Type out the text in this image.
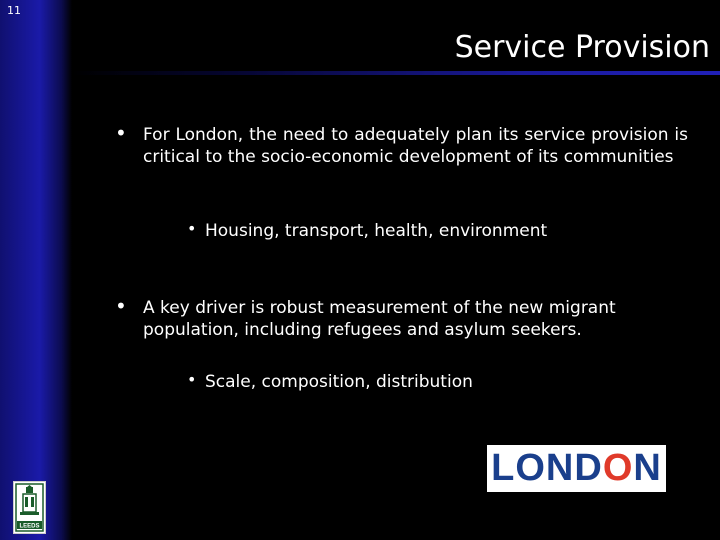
11
Service Provision
• For London, the need to adequately plan its service provision is critical to the socio-economic development of its communities
• Housing, transport, health, environment
• A key driver is robust measurement of the new migrant population, including refugees and asylum seekers.
• Scale, composition, distribution
LONDON
LEEDS
